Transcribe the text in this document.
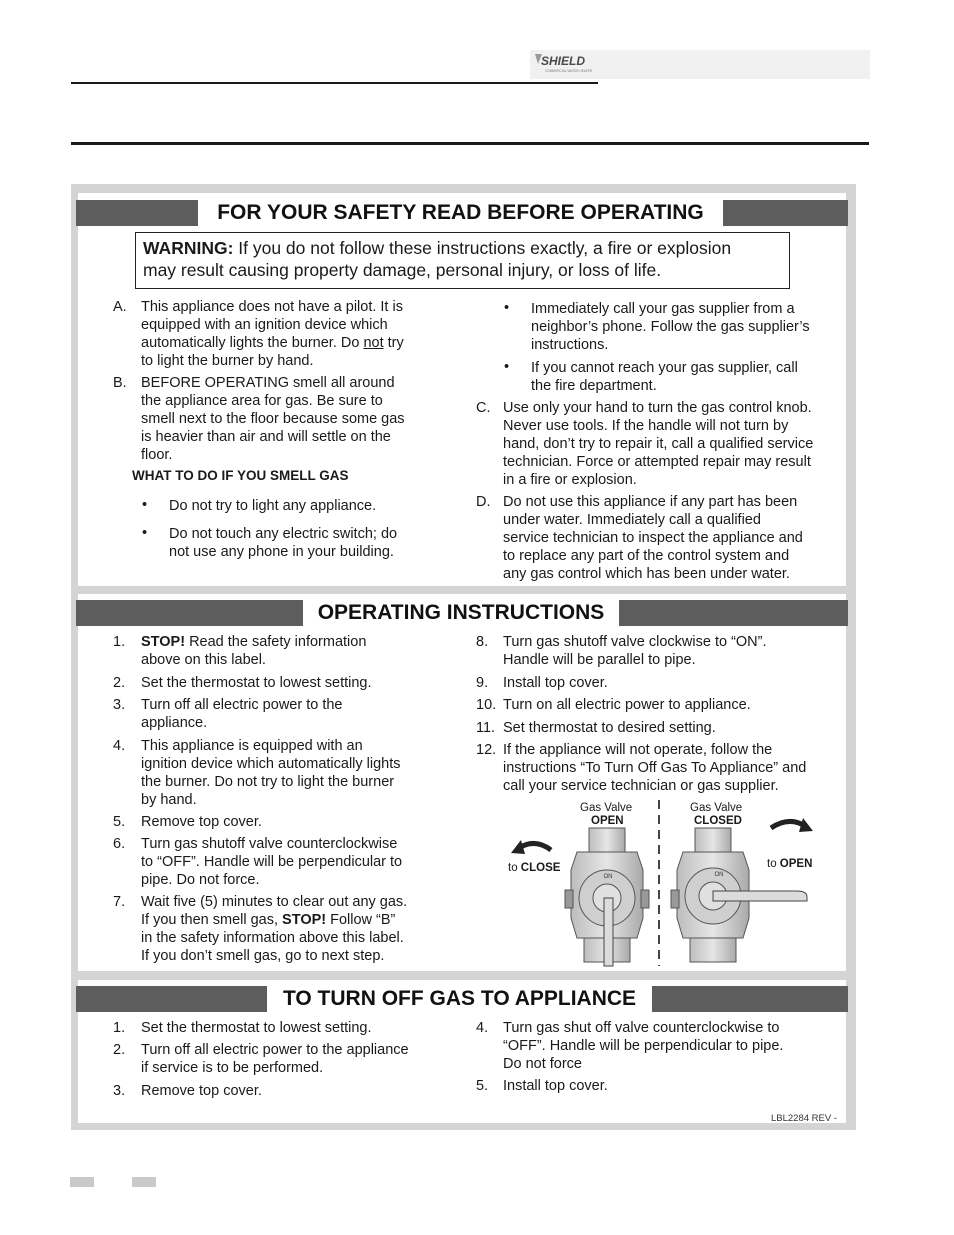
SHIELD
COMMERCIAL WATER HEATER
FOR YOUR SAFETY READ BEFORE OPERATING
WARNING: If you do not follow these instructions exactly, a fire or explosion
may result causing property damage, personal injury, or loss of life.
A. This appliance does not have a pilot. It is
equipped with an ignition device which
automatically lights the burner. Do not try
to light the burner by hand.
B. BEFORE OPERATING smell all around
the appliance area for gas. Be sure to
smell next to the floor because some gas
is heavier than air and will settle on the
floor.
WHAT TO DO IF YOU SMELL GAS
• Do not try to light any appliance.
• Do not touch any electric switch; do
not use any phone in your building.
• Immediately call your gas supplier from a
neighbor’s phone. Follow the gas supplier’s
instructions.
• If you cannot reach your gas supplier, call
the fire department.
C. Use only your hand to turn the gas control knob.
Never use tools. If the handle will not turn by
hand, don’t try to repair it, call a qualified service
technician. Force or attempted repair may result
in a fire or explosion.
D. Do not use this appliance if any part has been
under water. Immediately call a qualified
service technician to inspect the appliance and
to replace any part of the control system and
any gas control which has been under water.
OPERATING INSTRUCTIONS
1. STOP! Read the safety information
above on this label.
2. Set the thermostat to lowest setting.
3. Turn off all electric power to the
appliance.
4. This appliance is equipped with an
ignition device which automatically lights
the burner. Do not try to light the burner
by hand.
5. Remove top cover.
6. Turn gas shutoff valve counterclockwise
to “OFF”. Handle will be perpendicular to
pipe. Do not force.
7. Wait five (5) minutes to clear out any gas.
If you then smell gas, STOP! Follow “B”
in the safety information above this label.
If you don’t smell gas, go to next step.
8. Turn gas shutoff valve clockwise to “ON”.
Handle will be parallel to pipe.
9. Install top cover.
10. Turn on all electric power to appliance.
11. Set thermostat to desired setting.
12. If the appliance will not operate, follow the
instructions “To Turn Off Gas To Appliance” and
call your service technician or gas supplier.
ON	ON
Gas Valve
OPEN
Gas Valve
CLOSED
to CLOSE	to OPEN
TO TURN OFF GAS TO APPLIANCE
1. Set the thermostat to lowest setting.
2. Turn off all electric power to the appliance
if service is to be performed.
3. Remove top cover.
4. Turn gas shut off valve counterclockwise to
“OFF”. Handle will be perpendicular to pipe.
Do not force
5. Install top cover.
LBL2284 REV -
